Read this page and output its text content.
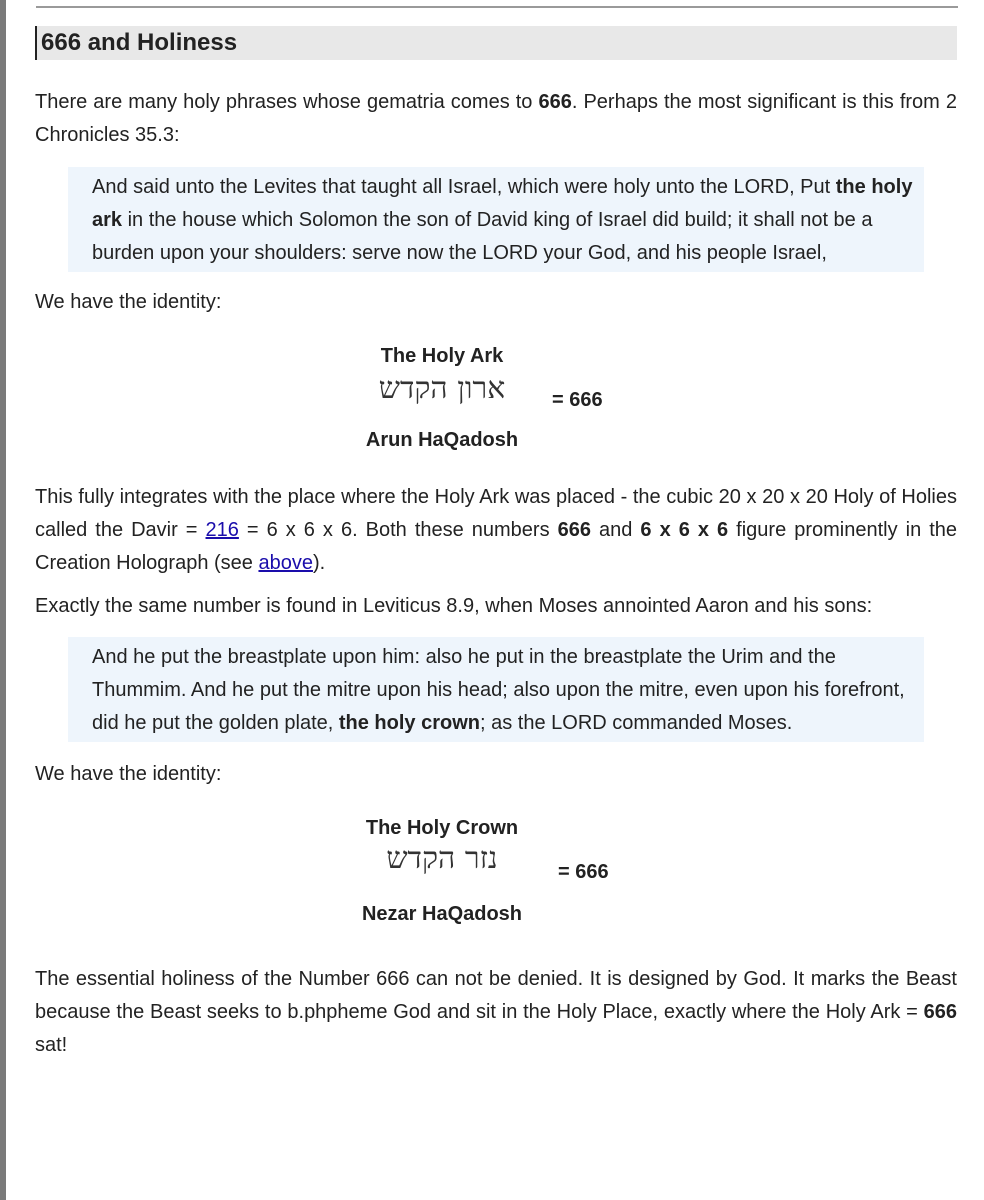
666 and Holiness

There are many holy phrases whose gematria comes to 666. Perhaps the most significant is this from 2 Chronicles 35.3:

And said unto the Levites that taught all Israel, which were holy unto the LORD, Put the holy ark in the house which Solomon the son of David king of Israel did build; it shall not be a burden upon your shoulders: serve now the LORD your God, and his people Israel,

We have the identity:

The Holy Ark
ארון הקדש	= 666
Arun HaQadosh

This fully integrates with the place where the Holy Ark was placed - the cubic 20 x 20 x 20 Holy of Holies called the Davir = 216 = 6 x 6 x 6. Both these numbers 666 and 6 x 6 x 6 figure prominently in the Creation Holograph (see above).

Exactly the same number is found in Leviticus 8.9, when Moses annointed Aaron and his sons:

And he put the breastplate upon him: also he put in the breastplate the Urim and the Thummim. And he put the mitre upon his head; also upon the mitre, even upon his forefront, did he put the golden plate, the holy crown; as the LORD commanded Moses.

We have the identity:

The Holy Crown
נזר הקדש	= 666
Nezar HaQadosh

The essential holiness of the Number 666 can not be denied. It is designed by God. It marks the Beast because the Beast seeks to b.phpheme God and sit in the Holy Place, exactly where the Holy Ark = 666 sat!
